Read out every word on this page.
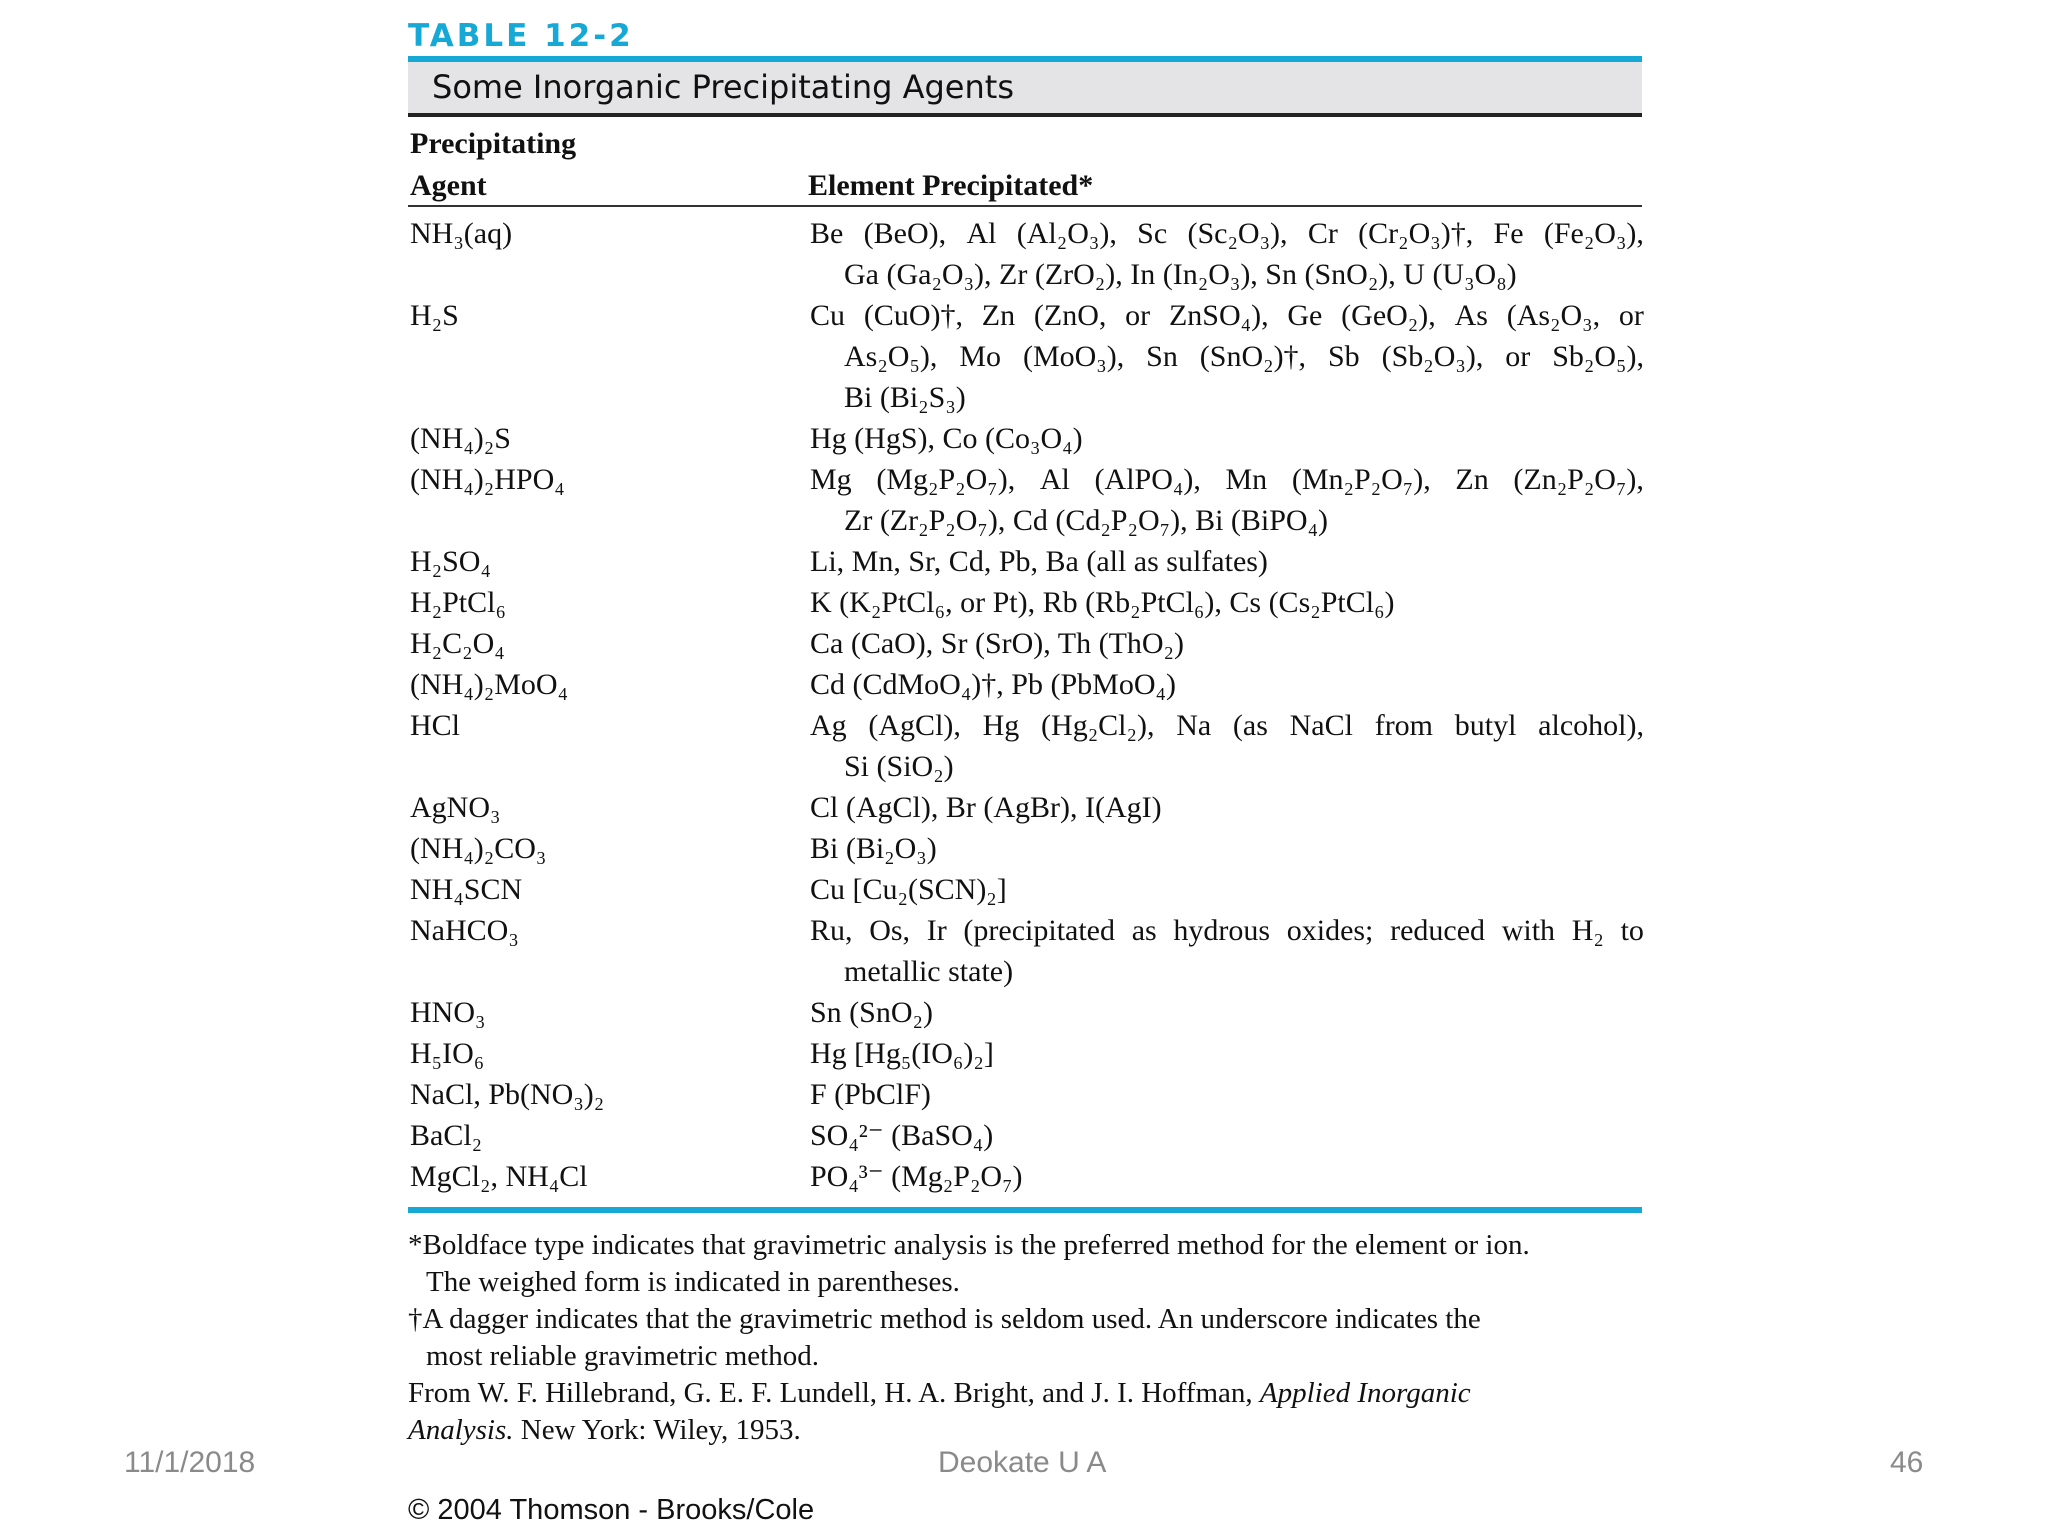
TABLE 12-2
Some Inorganic Precipitating Agents
Precipitating
Agent	Element Precipitated*
NH₃(aq)	Be (BeO), Al (Al₂O₃), Sc (Sc₂O₃), Cr (Cr₂O₃)†, Fe (Fe₂O₃),
Ga (Ga₂O₃), Zr (ZrO₂), In (In₂O₃), Sn (SnO₂), U (U₃O₈)
H₂S	Cu (CuO)†, Zn (ZnO, or ZnSO₄), Ge (GeO₂), As (As₂O₃, or
As₂O₅), Mo (MoO₃), Sn (SnO₂)†, Sb (Sb₂O₃), or Sb₂O₅),
Bi (Bi₂S₃)
(NH₄)₂S	Hg (HgS), Co (Co₃O₄)
(NH₄)₂HPO₄	Mg (Mg₂P₂O₇), Al (AlPO₄), Mn (Mn₂P₂O₇), Zn (Zn₂P₂O₇),
Zr (Zr₂P₂O₇), Cd (Cd₂P₂O₇), Bi (BiPO₄)
H₂SO₄	Li, Mn, Sr, Cd, Pb, Ba (all as sulfates)
H₂PtCl₆	K (K₂PtCl₆, or Pt), Rb (Rb₂PtCl₆), Cs (Cs₂PtCl₆)
H₂C₂O₄	Ca (CaO), Sr (SrO), Th (ThO₂)
(NH₄)₂MoO₄	Cd (CdMoO₄)†, Pb (PbMoO₄)
HCl	Ag (AgCl), Hg (Hg₂Cl₂), Na (as NaCl from butyl alcohol),
Si (SiO₂)
AgNO₃	Cl (AgCl), Br (AgBr), I(AgI)
(NH₄)₂CO₃	Bi (Bi₂O₃)
NH₄SCN	Cu [Cu₂(SCN)₂]
NaHCO₃	Ru, Os, Ir (precipitated as hydrous oxides; reduced with H₂ to
metallic state)
HNO₃	Sn (SnO₂)
H₅IO₆	Hg [Hg₅(IO₆)₂]
NaCl, Pb(NO₃)₂	F (PbClF)
BaCl₂	SO₄²⁻ (BaSO₄)
MgCl₂, NH₄Cl	PO₄³⁻ (Mg₂P₂O₇)
*Boldface type indicates that gravimetric analysis is the preferred method for the element or ion.
The weighed form is indicated in parentheses.
†A dagger indicates that the gravimetric method is seldom used. An underscore indicates the
most reliable gravimetric method.
From W. F. Hillebrand, G. E. F. Lundell, H. A. Bright, and J. I. Hoffman, Applied Inorganic
Analysis. New York: Wiley, 1953.
11/1/2018	Deokate U A	46
© 2004 Thomson - Brooks/Cole
